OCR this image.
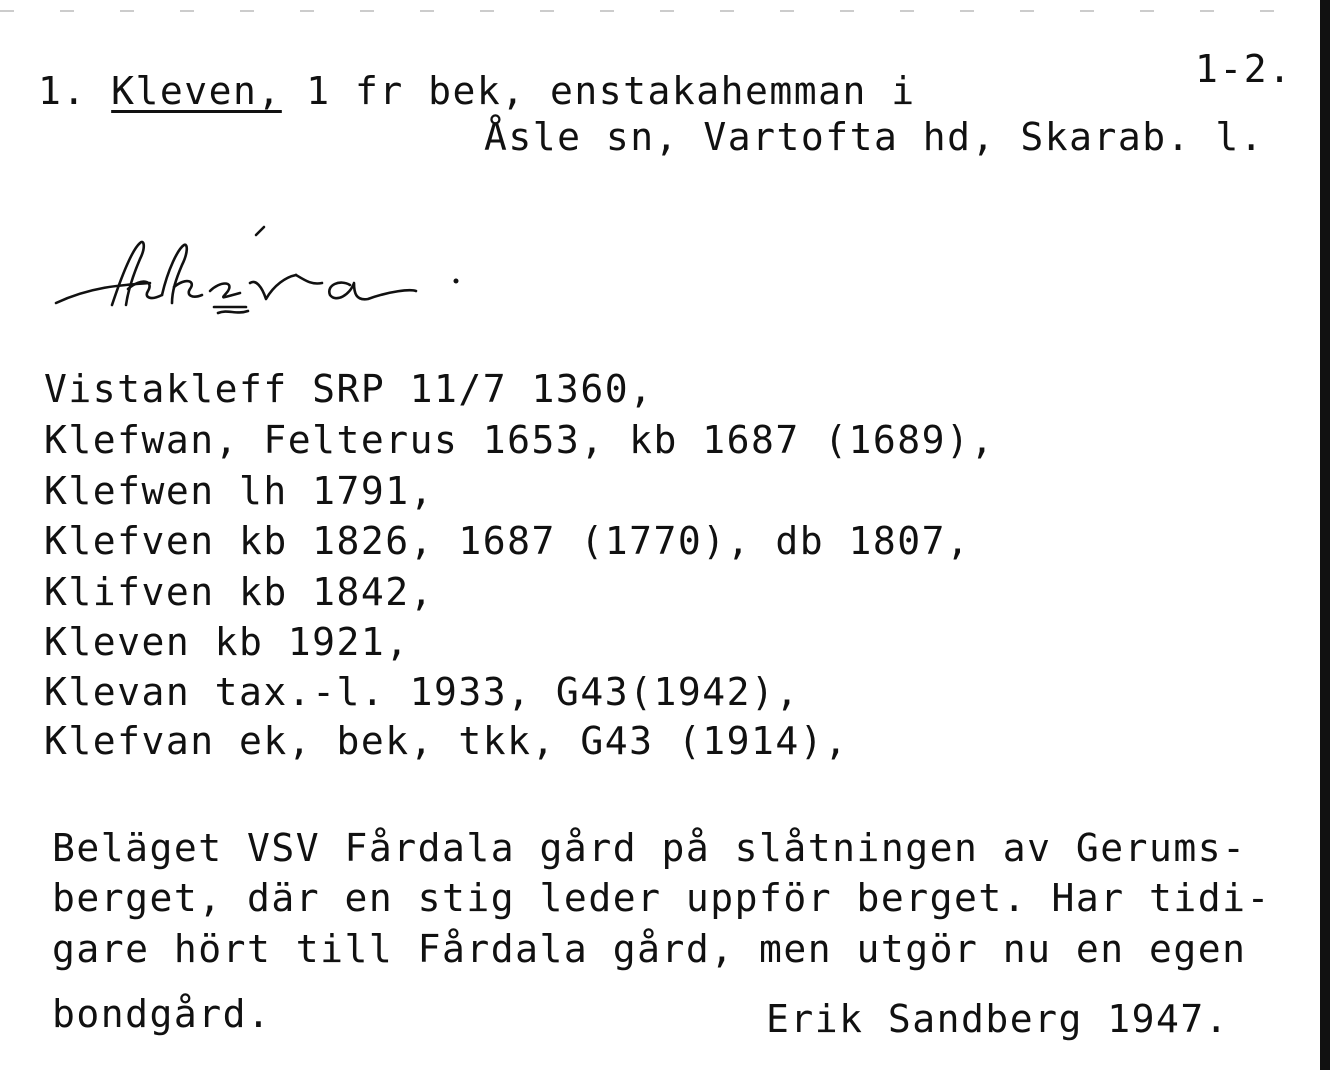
1. Kleven, 1 fr bek, enstakahemman i	1-2.
Åsle sn, Vartofta hd, Skarab. l.
Vistakleff SRP 11/7 1360,
Klefwan, Felterus 1653, kb 1687 (1689),
Klefwen lh 1791,
Klefven kb 1826, 1687 (1770), db 1807,
Klifven kb 1842,
Kleven kb 1921,
Klevan tax.-l. 1933, G43(1942),
Klefvan ek, bek, tkk, G43 (1914),
Beläget VSV Fårdala gård på slåtningen av Gerums-
berget, där en stig leder uppför berget. Har tidi-
gare hört till Fårdala gård, men utgör nu en egen
bondgård.	Erik Sandberg 1947.
